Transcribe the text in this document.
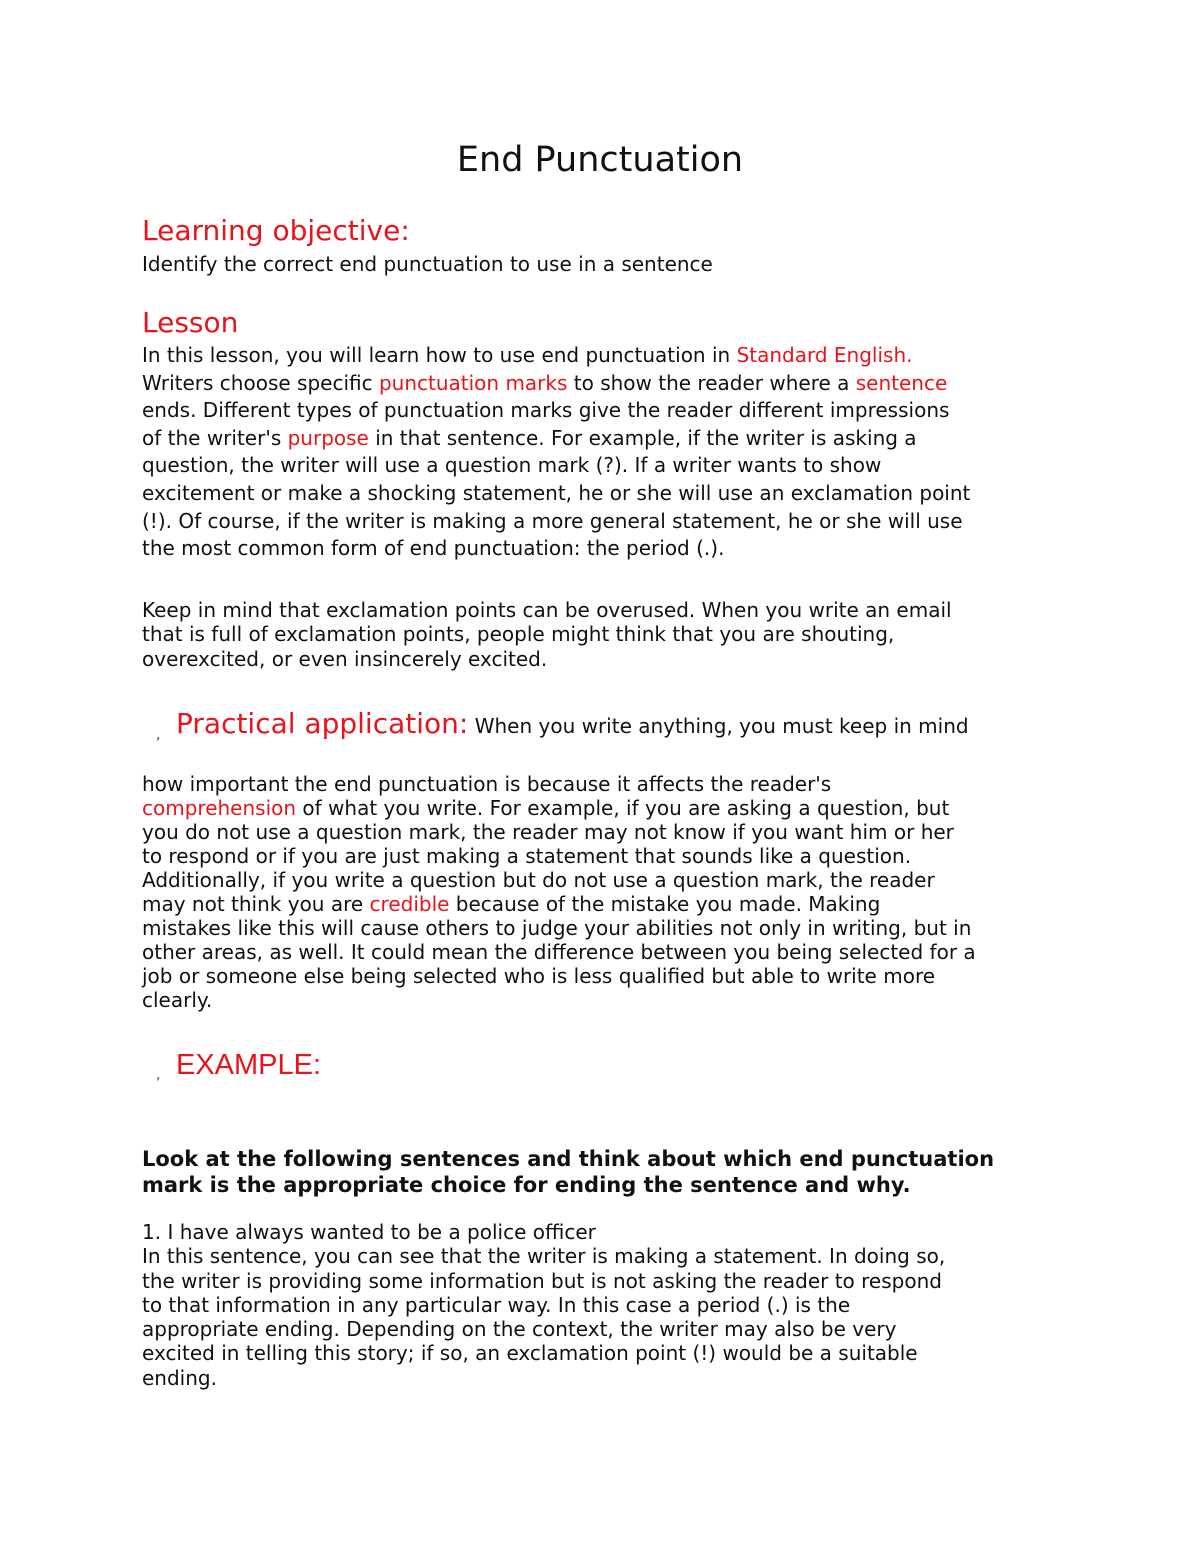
End Punctuation
Learning objective:
Identify the correct end punctuation to use in a sentence
Lesson
In this lesson, you will learn how to use end punctuation in Standard English.
Writers choose specific punctuation marks to show the reader where a sentence
ends. Different types of punctuation marks give the reader different impressions
of the writer's purpose in that sentence. For example, if the writer is asking a
question, the writer will use a question mark (?). If a writer wants to show
excitement or make a shocking statement, he or she will use an exclamation point
(!). Of course, if the writer is making a more general statement, he or she will use
the most common form of end punctuation: the period (.).
Keep in mind that exclamation points can be overused. When you write an email
that is full of exclamation points, people might think that you are shouting,
overexcited, or even insincerely excited.
, Practical application: When you write anything, you must keep in mind
how important the end punctuation is because it affects the reader's
comprehension of what you write. For example, if you are asking a question, but
you do not use a question mark, the reader may not know if you want him or her
to respond or if you are just making a statement that sounds like a question.
Additionally, if you write a question but do not use a question mark, the reader
may not think you are credible because of the mistake you made. Making
mistakes like this will cause others to judge your abilities not only in writing, but in
other areas, as well. It could mean the difference between you being selected for a
job or someone else being selected who is less qualified but able to write more
clearly.
, EXAMPLE:
Look at the following sentences and think about which end punctuation
mark is the appropriate choice for ending the sentence and why.
1. I have always wanted to be a police officer
In this sentence, you can see that the writer is making a statement. In doing so,
the writer is providing some information but is not asking the reader to respond
to that information in any particular way. In this case a period (.) is the
appropriate ending. Depending on the context, the writer may also be very
excited in telling this story; if so, an exclamation point (!) would be a suitable
ending.
